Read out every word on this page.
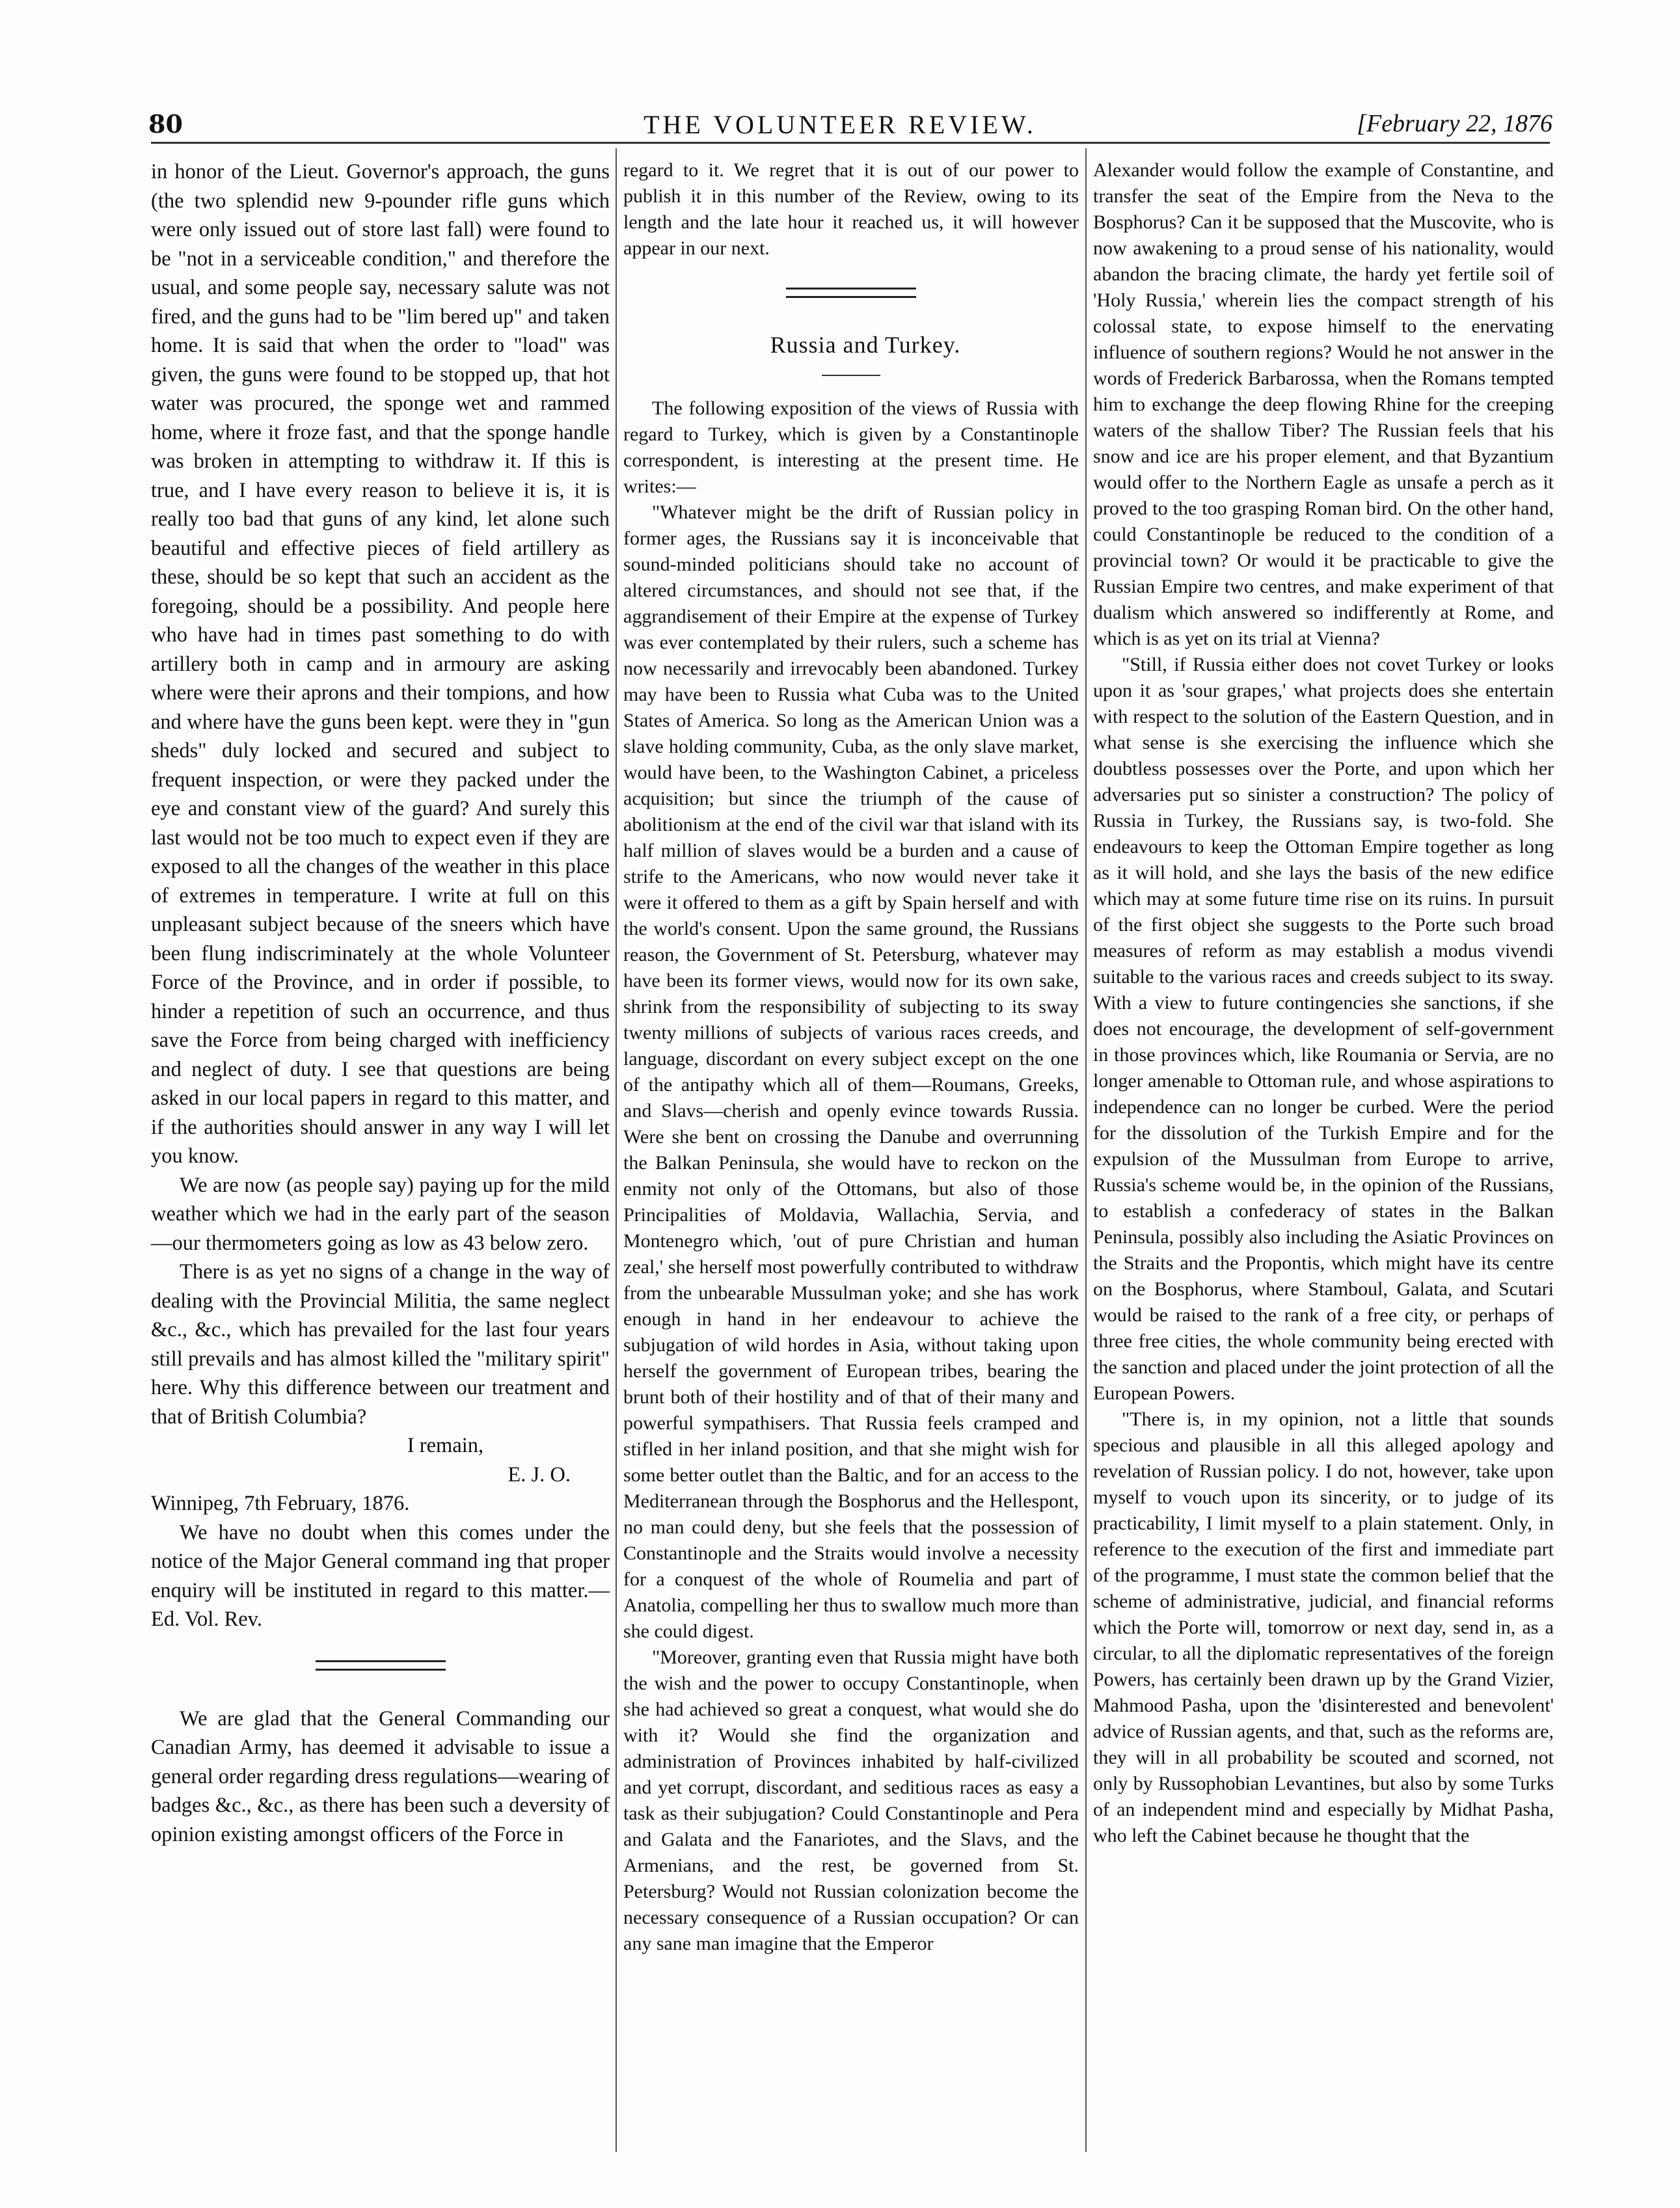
80	THE VOLUNTEER REVIEW.	[February 22, 1876

in honor of the Lieut. Governor's approach, the guns (the two splendid new 9-pounder rifle guns which were only issued out of store last fall) were found to be "not in a serviceable condition," and therefore the usual, and some people say, necessary salute was not fired, and the guns had to be "lim bered up" and taken home. It is said that when the order to "load" was given, the guns were found to be stopped up, that hot water was procured, the sponge wet and rammed home, where it froze fast, and that the sponge handle was broken in attempting to withdraw it. If this is true, and I have every reason to believe it is, it is really too bad that guns of any kind, let alone such beautiful and effective pieces of field artillery as these, should be so kept that such an accident as the foregoing, should be a possibility. And people here who have had in times past something to do with artillery both in camp and in armoury are asking where were their aprons and their tompions, and how and where have the guns been kept. were they in "gun sheds" duly locked and secured and subject to frequent inspection, or were they packed under the eye and constant view of the guard? And surely this last would not be too much to expect even if they are exposed to all the changes of the weather in this place of extremes in temperature. I write at full on this unpleasant subject because of the sneers which have been flung indiscriminately at the whole Volunteer Force of the Province, and in order if possible, to hinder a repetition of such an occurrence, and thus save the Force from being charged with inefficiency and neglect of duty. I see that questions are being asked in our local papers in regard to this matter, and if the authorities should answer in any way I will let you know.

We are now (as people say) paying up for the mild weather which we had in the early part of the season—our thermometers going as low as 43 below zero.

There is as yet no signs of a change in the way of dealing with the Provincial Militia, the same neglect &c., &c., which has prevailed for the last four years still prevails and has almost killed the "military spirit" here. Why this difference between our treatment and that of British Columbia?

I remain,

E. J. O.

Winnipeg, 7th February, 1876.

We have no doubt when this comes under the notice of the Major General command ing that proper enquiry will be instituted in regard to this matter.—Ed. Vol. Rev.

We are glad that the General Commanding our Canadian Army, has deemed it advisable to issue a general order regarding dress regulations—wearing of badges &c., &c., as there has been such a deversity of opinion existing amongst officers of the Force in

regard to it. We regret that it is out of our power to publish it in this number of the Review, owing to its length and the late hour it reached us, it will however appear in our next.

Russia and Turkey.

The following exposition of the views of Russia with regard to Turkey, which is given by a Constantinople correspondent, is interesting at the present time. He writes:—

"Whatever might be the drift of Russian policy in former ages, the Russians say it is inconceivable that sound-minded politicians should take no account of altered circumstances, and should not see that, if the aggrandisement of their Empire at the expense of Turkey was ever contemplated by their rulers, such a scheme has now necessarily and irrevocably been abandoned. Turkey may have been to Russia what Cuba was to the United States of America. So long as the American Union was a slave holding community, Cuba, as the only slave market, would have been, to the Washington Cabinet, a priceless acquisition; but since the triumph of the cause of abolitionism at the end of the civil war that island with its half million of slaves would be a burden and a cause of strife to the Americans, who now would never take it were it offered to them as a gift by Spain herself and with the world's consent. Upon the same ground, the Russians reason, the Government of St. Petersburg, whatever may have been its former views, would now for its own sake, shrink from the responsibility of subjecting to its sway twenty millions of subjects of various races creeds, and language, discordant on every subject except on the one of the antipathy which all of them—Roumans, Greeks, and Slavs—cherish and openly evince towards Russia. Were she bent on crossing the Danube and overrunning the Balkan Peninsula, she would have to reckon on the enmity not only of the Ottomans, but also of those Principalities of Moldavia, Wallachia, Servia, and Montenegro which, 'out of pure Christian and human zeal,' she herself most powerfully contributed to withdraw from the unbearable Mussulman yoke; and she has work enough in hand in her endeavour to achieve the subjugation of wild hordes in Asia, without taking upon herself the government of European tribes, bearing the brunt both of their hostility and of that of their many and powerful sympathisers. That Russia feels cramped and stifled in her inland position, and that she might wish for some better outlet than the Baltic, and for an access to the Mediterranean through the Bosphorus and the Hellespont, no man could deny, but she feels that the possession of Constantinople and the Straits would involve a necessity for a conquest of the whole of Roumelia and part of Anatolia, compelling her thus to swallow much more than she could digest.

"Moreover, granting even that Russia might have both the wish and the power to occupy Constantinople, when she had achieved so great a conquest, what would she do with it? Would she find the organization and administration of Provinces inhabited by half-civilized and yet corrupt, discordant, and seditious races as easy a task as their subjugation? Could Constantinople and Pera and Galata and the Fanariotes, and the Slavs, and the Armenians, and the rest, be governed from St. Petersburg? Would not Russian colonization become the necessary consequence of a Russian occupation? Or can any sane man imagine that the Emperor

Alexander would follow the example of Constantine, and transfer the seat of the Empire from the Neva to the Bosphorus? Can it be supposed that the Muscovite, who is now awakening to a proud sense of his nationality, would abandon the bracing climate, the hardy yet fertile soil of 'Holy Russia,' wherein lies the compact strength of his colossal state, to expose himself to the enervating influence of southern regions? Would he not answer in the words of Frederick Barbarossa, when the Romans tempted him to exchange the deep flowing Rhine for the creeping waters of the shallow Tiber? The Russian feels that his snow and ice are his proper element, and that Byzantium would offer to the Northern Eagle as unsafe a perch as it proved to the too grasping Roman bird. On the other hand, could Constantinople be reduced to the condition of a provincial town? Or would it be practicable to give the Russian Empire two centres, and make experiment of that dualism which answered so indifferently at Rome, and which is as yet on its trial at Vienna?

"Still, if Russia either does not covet Turkey or looks upon it as 'sour grapes,' what projects does she entertain with respect to the solution of the Eastern Question, and in what sense is she exercising the influence which she doubtless possesses over the Porte, and upon which her adversaries put so sinister a construction? The policy of Russia in Turkey, the Russians say, is two-fold. She endeavours to keep the Ottoman Empire together as long as it will hold, and she lays the basis of the new edifice which may at some future time rise on its ruins. In pursuit of the first object she suggests to the Porte such broad measures of reform as may establish a modus vivendi suitable to the various races and creeds subject to its sway. With a view to future contingencies she sanctions, if she does not encourage, the development of self-government in those provinces which, like Roumania or Servia, are no longer amenable to Ottoman rule, and whose aspirations to independence can no longer be curbed. Were the period for the dissolution of the Turkish Empire and for the expulsion of the Mussulman from Europe to arrive, Russia's scheme would be, in the opinion of the Russians, to establish a confederacy of states in the Balkan Peninsula, possibly also including the Asiatic Provinces on the Straits and the Propontis, which might have its centre on the Bosphorus, where Stamboul, Galata, and Scutari would be raised to the rank of a free city, or perhaps of three free cities, the whole community being erected with the sanction and placed under the joint protection of all the European Powers.

"There is, in my opinion, not a little that sounds specious and plausible in all this alleged apology and revelation of Russian policy. I do not, however, take upon myself to vouch upon its sincerity, or to judge of its practicability, I limit myself to a plain statement. Only, in reference to the execution of the first and immediate part of the programme, I must state the common belief that the scheme of administrative, judicial, and financial reforms which the Porte will, tomorrow or next day, send in, as a circular, to all the diplomatic representatives of the foreign Powers, has certainly been drawn up by the Grand Vizier, Mahmood Pasha, upon the 'disinterested and benevolent' advice of Russian agents, and that, such as the reforms are, they will in all probability be scouted and scorned, not only by Russophobian Levantines, but also by some Turks of an independent mind and especially by Midhat Pasha, who left the Cabinet because he thought that the
